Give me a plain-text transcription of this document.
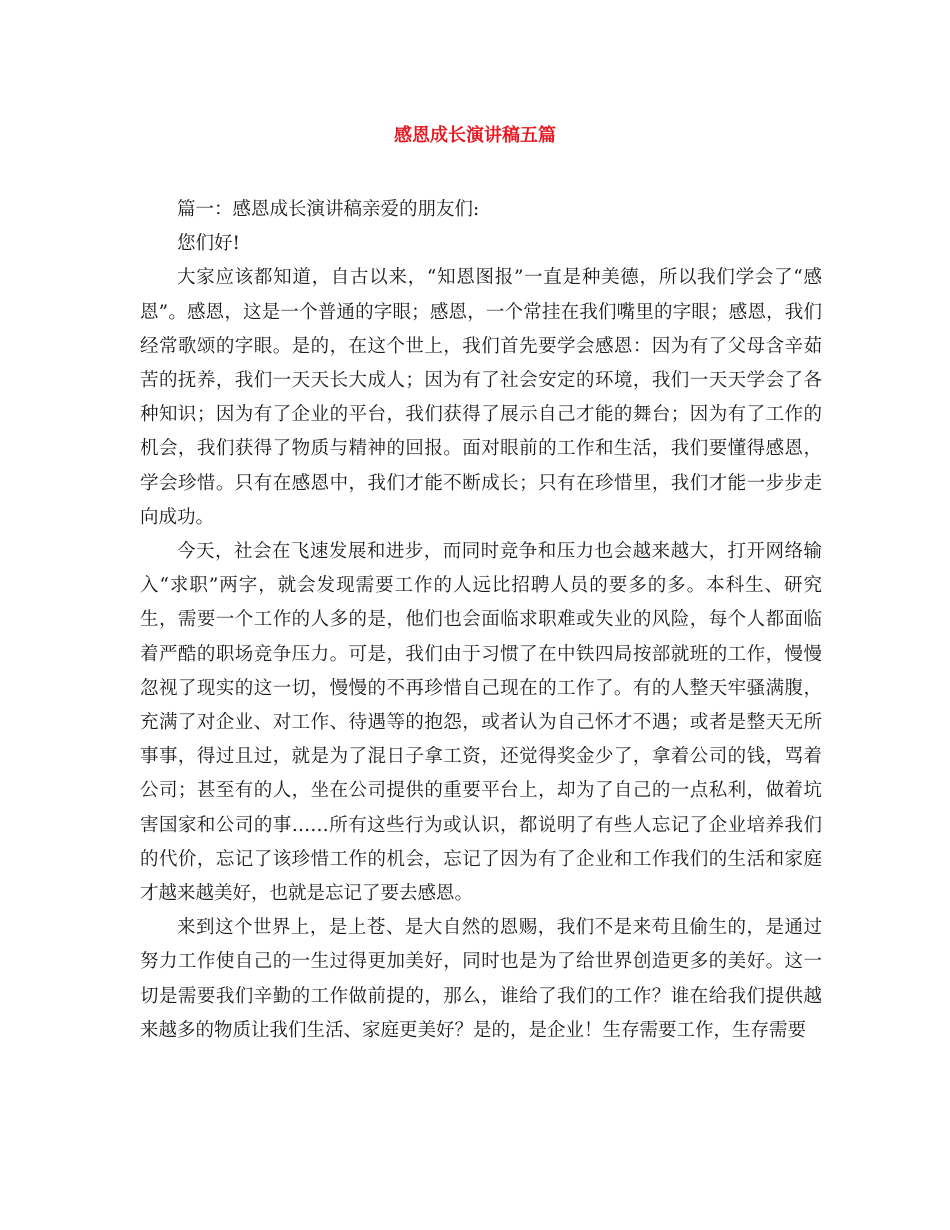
感恩成长演讲稿五篇

篇一：感恩成长演讲稿亲爱的朋友们:

您们好!

大家应该都知道，自古以来，“知恩图报”一直是种美德，所以我们学会了“感恩”。感恩，这是一个普通的字眼；感恩，一个常挂在我们嘴里的字眼；感恩，我们经常歌颂的字眼。是的，在这个世上，我们首先要学会感恩：因为有了父母含辛茹苦的抚养，我们一天天长大成人；因为有了社会安定的环境，我们一天天学会了各种知识；因为有了企业的平台，我们获得了展示自己才能的舞台；因为有了工作的机会，我们获得了物质与精神的回报。面对眼前的工作和生活，我们要懂得感恩，学会珍惜。只有在感恩中，我们才能不断成长；只有在珍惜里，我们才能一步步走向成功。

今天，社会在飞速发展和进步，而同时竞争和压力也会越来越大，打开网络输入“求职”两字，就会发现需要工作的人远比招聘人员的要多的多。本科生、研究生，需要一个工作的人多的是，他们也会面临求职难或失业的风险，每个人都面临着严酷的职场竞争压力。可是，我们由于习惯了在中铁四局按部就班的工作，慢慢忽视了现实的这一切，慢慢的不再珍惜自己现在的工作了。有的人整天牢骚满腹，充满了对企业、对工作、待遇等的抱怨，或者认为自己怀才不遇；或者是整天无所事事，得过且过，就是为了混日子拿工资，还觉得奖金少了，拿着公司的钱，骂着公司；甚至有的人，坐在公司提供的重要平台上，却为了自己的一点私利，做着坑害国家和公司的事……所有这些行为或认识，都说明了有些人忘记了企业培养我们的代价，忘记了该珍惜工作的机会，忘记了因为有了企业和工作我们的生活和家庭才越来越美好，也就是忘记了要去感恩。

来到这个世界上，是上苍、是大自然的恩赐，我们不是来苟且偷生的，是通过努力工作使自己的一生过得更加美好，同时也是为了给世界创造更多的美好。这一切是需要我们辛勤的工作做前提的，那么，谁给了我们的工作？谁在给我们提供越来越多的物质让我们生活、家庭更美好？是的，是企业！生存需要工作，生存需要
